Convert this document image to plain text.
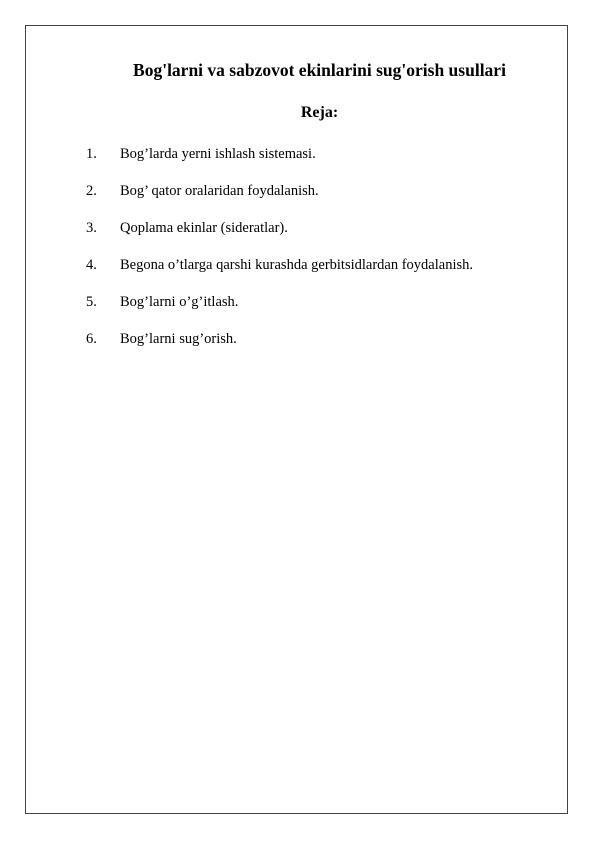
Bog'larni va sabzovot ekinlarini sug'orish usullari
Reja:
1. Bog’larda yerni ishlash sistemasi.
2. Bog’ qator oralaridan foydalanish.
3. Qoplama ekinlar (sideratlar).
4. Begona o’tlarga qarshi kurashda gerbitsidlardan foydalanish.
5. Bog’larni o’g’itlash.
6. Bog’larni sug’orish.
